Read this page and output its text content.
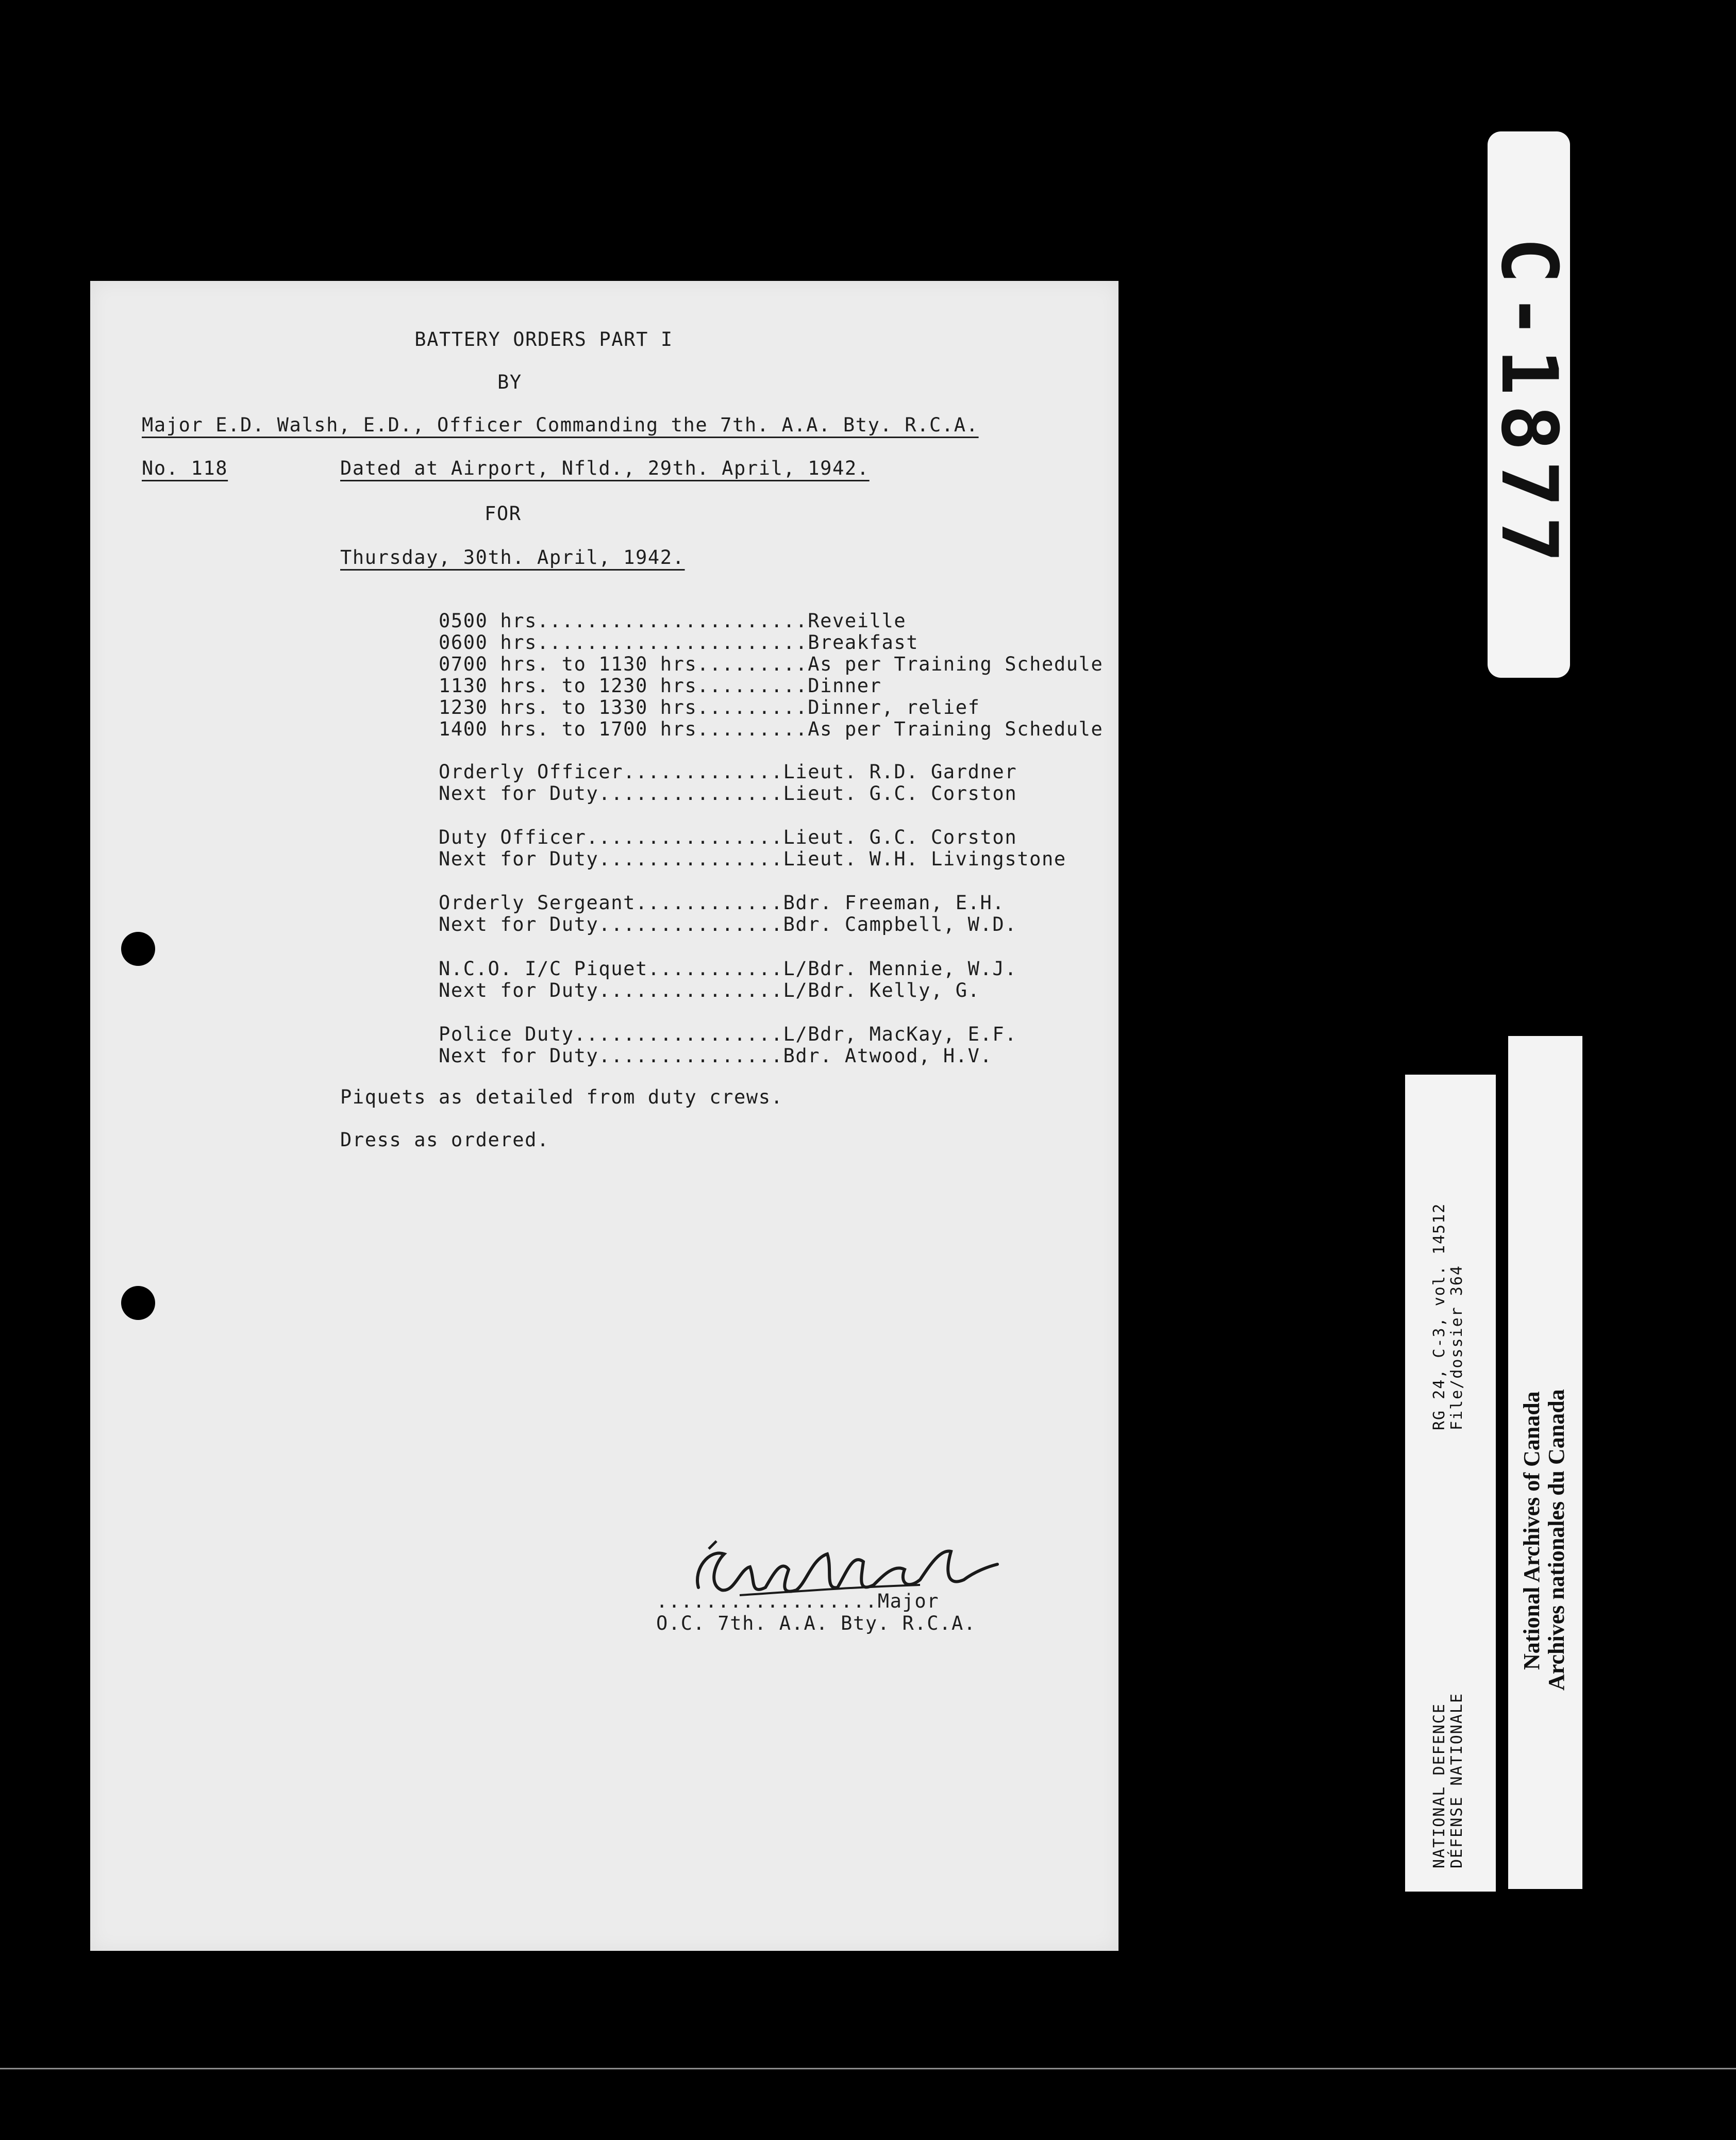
BATTERY ORDERS PART I
BY
Major E.D. Walsh, E.D., Officer Commanding the 7th. A.A. Bty. R.C.A.
No. 118	Dated at Airport, Nfld., 29th. April, 1942.
FOR
Thursday, 30th. April, 1942.

0500 hrs......................Reveille

0600 hrs......................Breakfast

0700 hrs. to 1130 hrs.........As per Training Schedule

1130 hrs. to 1230 hrs.........Dinner

1230 hrs. to 1330 hrs.........Dinner, relief

1400 hrs. to 1700 hrs.........As per Training Schedule

Orderly Officer.............Lieut. R.D. Gardner

Next for Duty...............Lieut. G.C. Corston

Duty Officer................Lieut. G.C. Corston

Next for Duty...............Lieut. W.H. Livingstone

Orderly Sergeant............Bdr. Freeman, E.H.

Next for Duty...............Bdr. Campbell, W.D.

N.C.O. I/C Piquet...........L/Bdr. Mennie, W.J.

Next for Duty...............L/Bdr. Kelly, G.

Police Duty.................L/Bdr, MacKay, E.F.

Next for Duty...............Bdr. Atwood, H.V.

Piquets as detailed from duty crews.
Dress as ordered.
..................Major
O.C. 7th. A.A. Bty. R.C.A.
C-1877
RG 24, C-3, vol. 14512 File/dossier 364
NATIONAL DEFENCE DÉFENSE NATIONALE
National Archives of Canada Archives nationales du Canada
